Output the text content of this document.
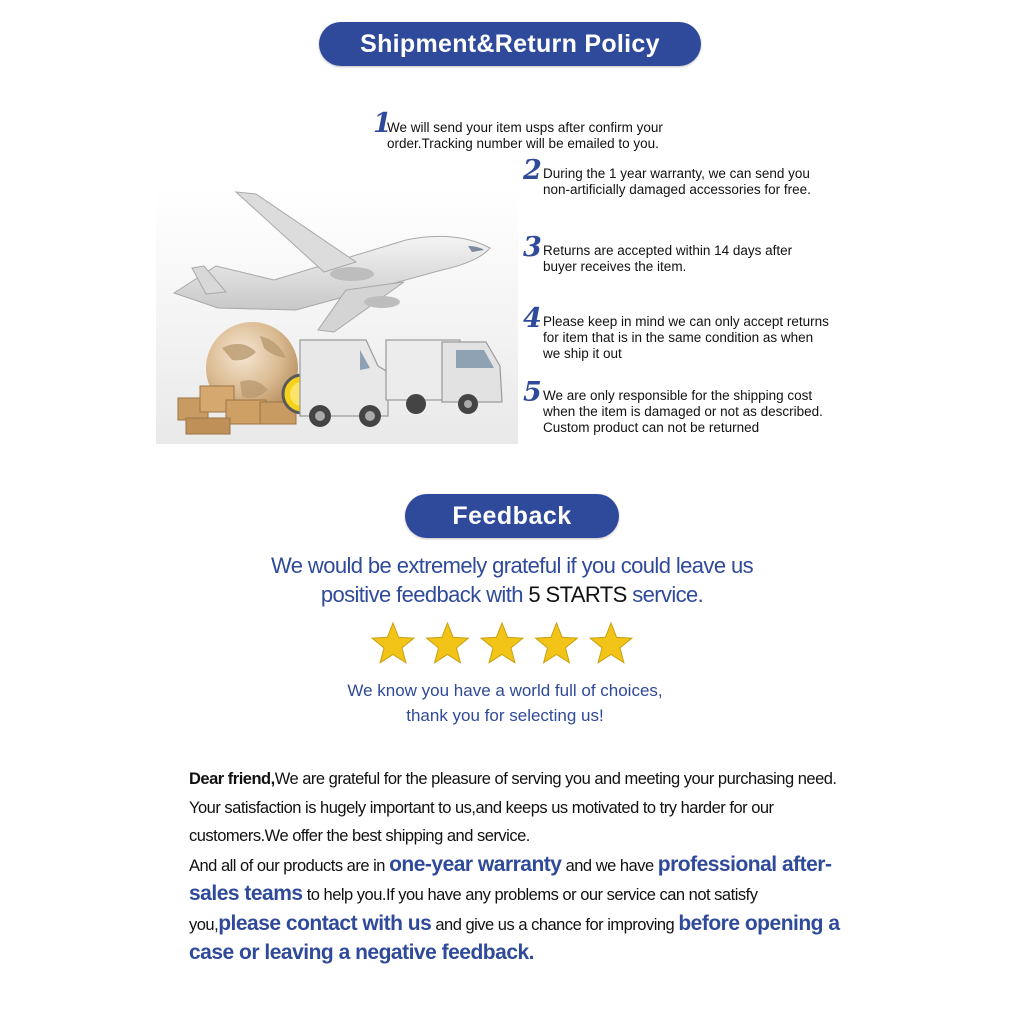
Shipment&Return Policy
1
We will send your item usps after confirm your order.Tracking number will be emailed to you.
2 During the 1 year warranty, we can send you non-artificially damaged accessories for free.
3 Returns are accepted within 14 days after buyer receives the item.
4 Please keep in mind we can only accept returns for item that is in the same condition as when we ship it out
5 We are only responsible for the shipping cost when the item is damaged or not as described. Custom product can not be returned
Feedback
We would be extremely grateful if you could leave us
positive feedback with 5 STARTS service.
We know you have a world full of choices,
thank you for selecting us!
Dear friend,We are grateful for the pleasure of serving you and meeting your purchasing need. Your satisfaction is hugely important to us,and keeps us motivated to try harder for our customers.We offer the best shipping and service.
And all of our products are in one-year warranty and we have professional after-sales teams to help you.If you have any problems or our service can not satisfy you,please contact with us and give us a chance for improving before opening a case or leaving a negative feedback.
